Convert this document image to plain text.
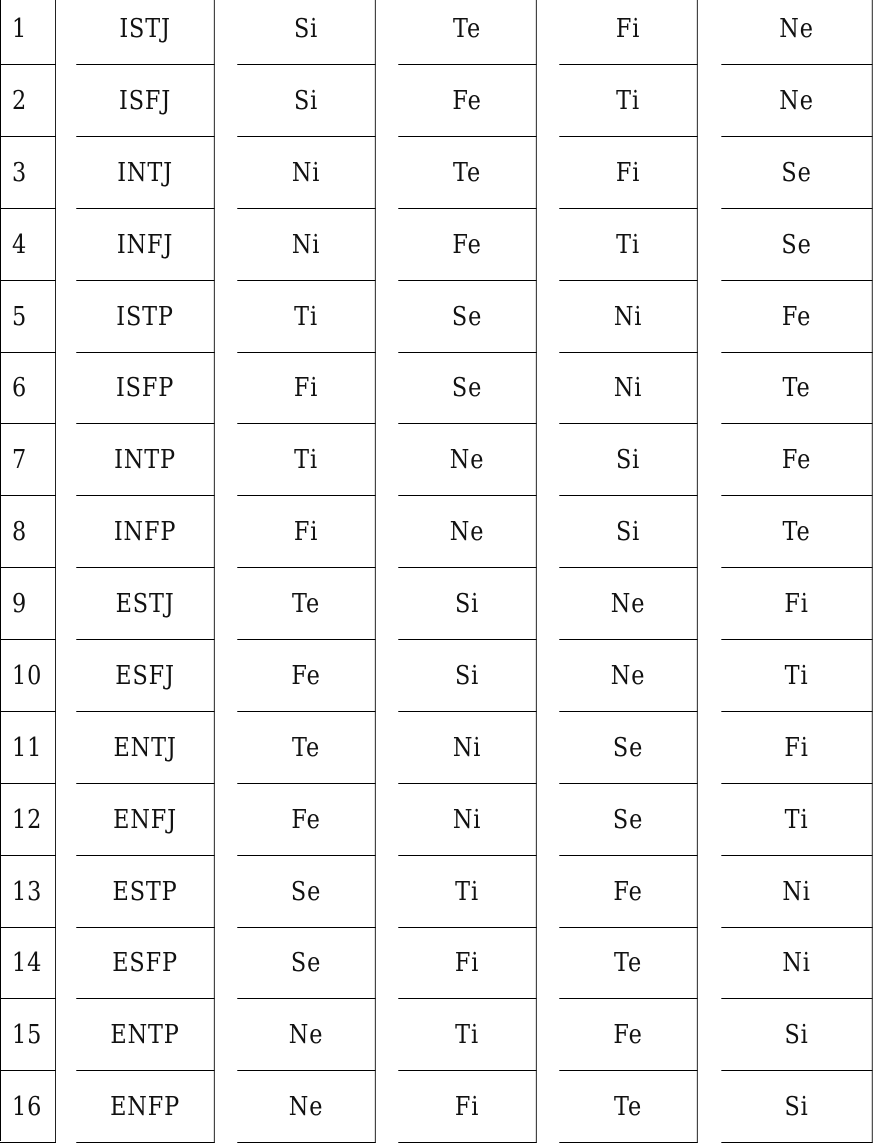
1	ISTJ	Si	Te	Fi	Ne
2	ISFJ	Si	Fe	Ti	Ne
3	INTJ	Ni	Te	Fi	Se
4	INFJ	Ni	Fe	Ti	Se
5	ISTP	Ti	Se	Ni	Fe
6	ISFP	Fi	Se	Ni	Te
7	INTP	Ti	Ne	Si	Fe
8	INFP	Fi	Ne	Si	Te
9	ESTJ	Te	Si	Ne	Fi
10	ESFJ	Fe	Si	Ne	Ti
11	ENTJ	Te	Ni	Se	Fi
12	ENFJ	Fe	Ni	Se	Ti
13	ESTP	Se	Ti	Fe	Ni
14	ESFP	Se	Fi	Te	Ni
15	ENTP	Ne	Ti	Fe	Si
16	ENFP	Ne	Fi	Te	Si
